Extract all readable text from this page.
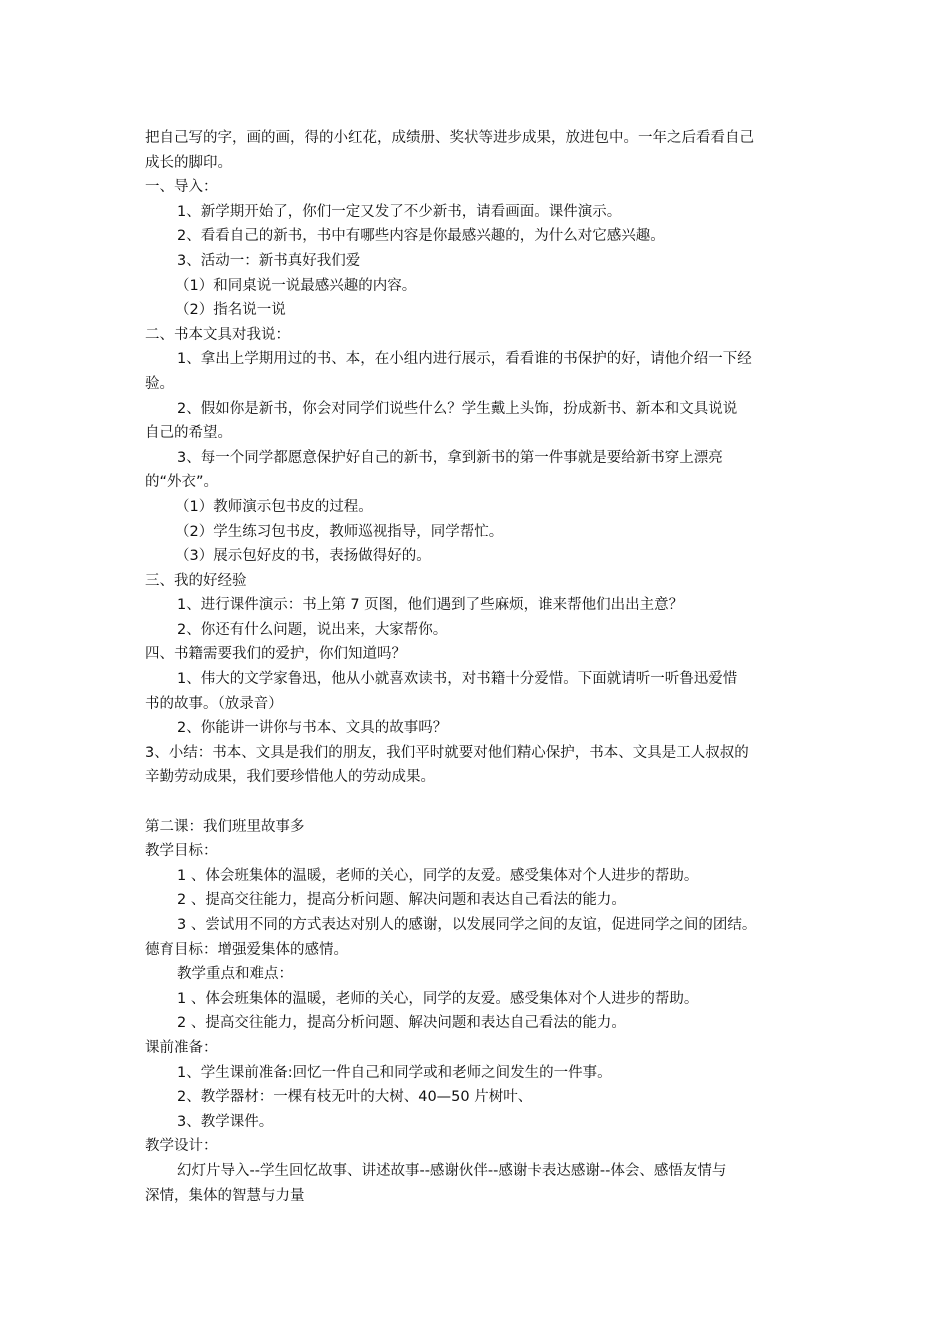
把自己写的字，画的画，得的小红花，成绩册、奖状等进步成果，放进包中。一年之后看看自己
成长的脚印。
一、导入：
1、新学期开始了，你们一定又发了不少新书，请看画面。课件演示。
2、看看自己的新书，书中有哪些内容是你最感兴趣的，为什么对它感兴趣。
3、活动一：新书真好我们爱
（1）和同桌说一说最感兴趣的内容。
（2）指名说一说
二、书本文具对我说：
1、拿出上学期用过的书、本，在小组内进行展示，看看谁的书保护的好，请他介绍一下经
验。
2、假如你是新书，你会对同学们说些什么？学生戴上头饰，扮成新书、新本和文具说说
自己的希望。
3、每一个同学都愿意保护好自己的新书，拿到新书的第一件事就是要给新书穿上漂亮
的“外衣”。
（1）教师演示包书皮的过程。
（2）学生练习包书皮，教师巡视指导，同学帮忙。
（3）展示包好皮的书，表扬做得好的。
三、我的好经验
1、进行课件演示：书上第 7 页图，他们遇到了些麻烦，谁来帮他们出出主意？
2、你还有什么问题，说出来，大家帮你。
四、书籍需要我们的爱护，你们知道吗？
1、伟大的文学家鲁迅，他从小就喜欢读书，对书籍十分爱惜。下面就请听一听鲁迅爱惜
书的故事。（放录音）
2、你能讲一讲你与书本、文具的故事吗？
3、小结：书本、文具是我们的朋友，我们平时就要对他们精心保护，书本、文具是工人叔叔的
辛勤劳动成果，我们要珍惜他人的劳动成果。
第二课：我们班里故事多
教学目标：
1 、体会班集体的温暖，老师的关心，同学的友爱。感受集体对个人进步的帮助。
2 、提高交往能力，提高分析问题、解决问题和表达自己看法的能力。
3 、尝试用不同的方式表达对别人的感谢，以发展同学之间的友谊，促进同学之间的团结。
德育目标：增强爱集体的感情。
教学重点和难点：
1 、体会班集体的温暖，老师的关心，同学的友爱。感受集体对个人进步的帮助。
2 、提高交往能力，提高分析问题、解决问题和表达自己看法的能力。
课前准备：
1、学生课前准备:回忆一件自己和同学或和老师之间发生的一件事。
2、教学器材：一棵有枝无叶的大树、40—50 片树叶、
3、教学课件。
教学设计：
幻灯片导入--学生回忆故事、讲述故事--感谢伙伴--感谢卡表达感谢--体会、感悟友情与
深情，集体的智慧与力量
